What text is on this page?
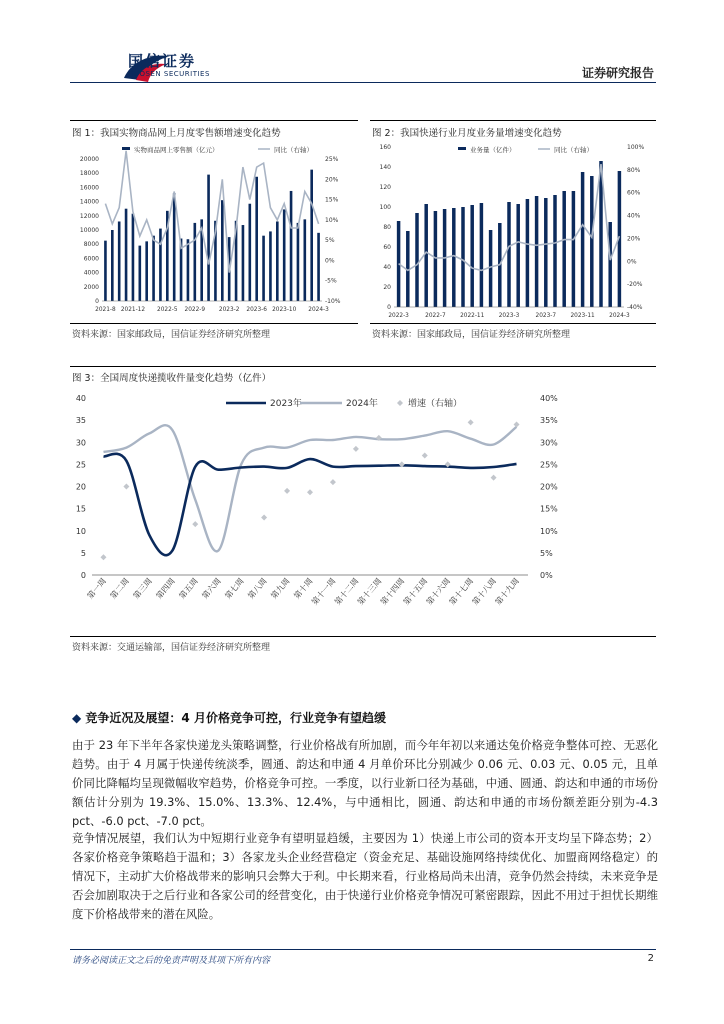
国信证券
GUOSEN SECURITIES	证券研究报告
图 1：我国实物商品网上月度零售额增速变化趋势
实物商品网上零售额（亿元）	同比（右轴）
20000
18000
16000
14000
12000
10000
8000
6000
4000
2000
0
25%
20%
15%
10%
5%
0%
-5%
-10%
2021-8 2021-12 2022-5 2022-9 2023-2 2023-6 2023-10 2024-3
资料来源：国家邮政局，国信证券经济研究所整理
图 2：我国快递行业月度业务量增速变化趋势
业务量（亿件）	同比（右轴）
160
140
120
100
80
60
40
20
0
100%
80%
60%
40%
20%
0%
-20%
-40%
2022-3	2022-7 2022-11 2023-3	2023-7 2023-11 2024-3
资料来源：国家邮政局，国信证券经济研究所整理
图 3：全国周度快递揽收件量变化趋势（亿件）
2023年	2024年	增速（右轴）
40
35
30
25
20
15
10
5
0
40%
35%
30%
25%
20%
15%
10%
5%
0%
第一周 第二周 第三周 第四周 第五周 第六周 第七周 第八周 第九周 第十周
第十一周
第十二周
第十三周
第十四周
第十五周
第十六周
第十七周
第十八周
第十九周
资料来源：交通运输部，国信证券经济研究所整理
◆ 竞争近况及展望：4 月价格竞争可控，行业竞争有望趋缓
由于 23 年下半年各家快递龙头策略调整，行业价格战有所加剧，而今年年初以来通达兔价格竞争整体可控、无恶化趋势。由于 4 月属于快递传统淡季，圆通、韵达和申通 4 月单价环比分别减少 0.06 元、0.03 元、0.05 元，且单价同比降幅均呈现微幅收窄趋势，价格竞争可控。一季度，以行业新口径为基础，中通、圆通、韵达和申通的市场份额估计分别为 19.3%、15.0%、13.3%、12.4%，与中通相比，圆通、韵达和申通的市场份额差距分别为-4.3 pct、-6.0 pct、-7.0 pct。
竞争情况展望，我们认为中短期行业竞争有望明显趋缓，主要因为 1）快递上市公司的资本开支均呈下降态势；2）各家价格竞争策略趋于温和；3）各家龙头企业经营稳定（资金充足、基础设施网络持续优化、加盟商网络稳定）的情况下，主动扩大价格战带来的影响只会弊大于利。中长期来看，行业格局尚未出清，竞争仍然会持续，未来竞争是否会加剧取决于之后行业和各家公司的经营变化，由于快递行业价格竞争情况可紧密跟踪，因此不用过于担忧长期维度下价格战带来的潜在风险。
请务必阅读正文之后的免责声明及其项下所有内容	2
